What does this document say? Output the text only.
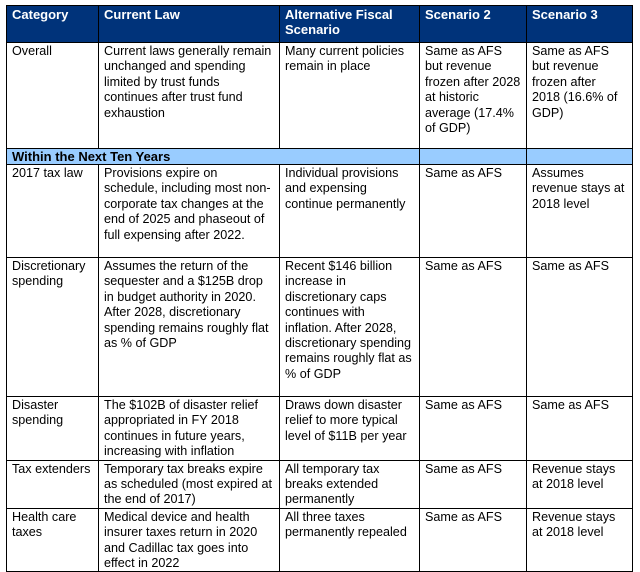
Category	Current Law	Alternative Fiscal Scenario	Scenario 2	Scenario 3
Overall	Current laws generally remain unchanged and spending limited by trust funds continues after trust fund exhaustion	Many current policies remain in place	Same as AFS but revenue frozen after 2028 at historic average (17.4% of GDP)	Same as AFS but revenue frozen after 2018 (16.6% of GDP)
Within the Next Ten Years				
2017 tax law	Provisions expire on schedule, including most non-corporate tax changes at the end of 2025 and phaseout of full expensing after 2022.	Individual provisions and expensing continue permanently	Same as AFS	Assumes revenue stays at 2018 level
Discretionary spending	Assumes the return of the sequester and a $125B drop in budget authority in 2020. After 2028, discretionary spending remains roughly flat as % of GDP	Recent $146 billion increase in discretionary caps continues with inflation. After 2028, discretionary spending remains roughly flat as % of GDP	Same as AFS	Same as AFS
Disaster spending	The $102B of disaster relief appropriated in FY 2018 continues in future years, increasing with inflation	Draws down disaster relief to more typical level of $11B per year	Same as AFS	Same as AFS
Tax extenders	Temporary tax breaks expire as scheduled (most expired at the end of 2017)	All temporary tax breaks extended permanently	Same as AFS	Revenue stays at 2018 level
Health care taxes	Medical device and health insurer taxes return in 2020 and Cadillac tax goes into effect in 2022	All three taxes permanently repealed	Same as AFS	Revenue stays at 2018 level
